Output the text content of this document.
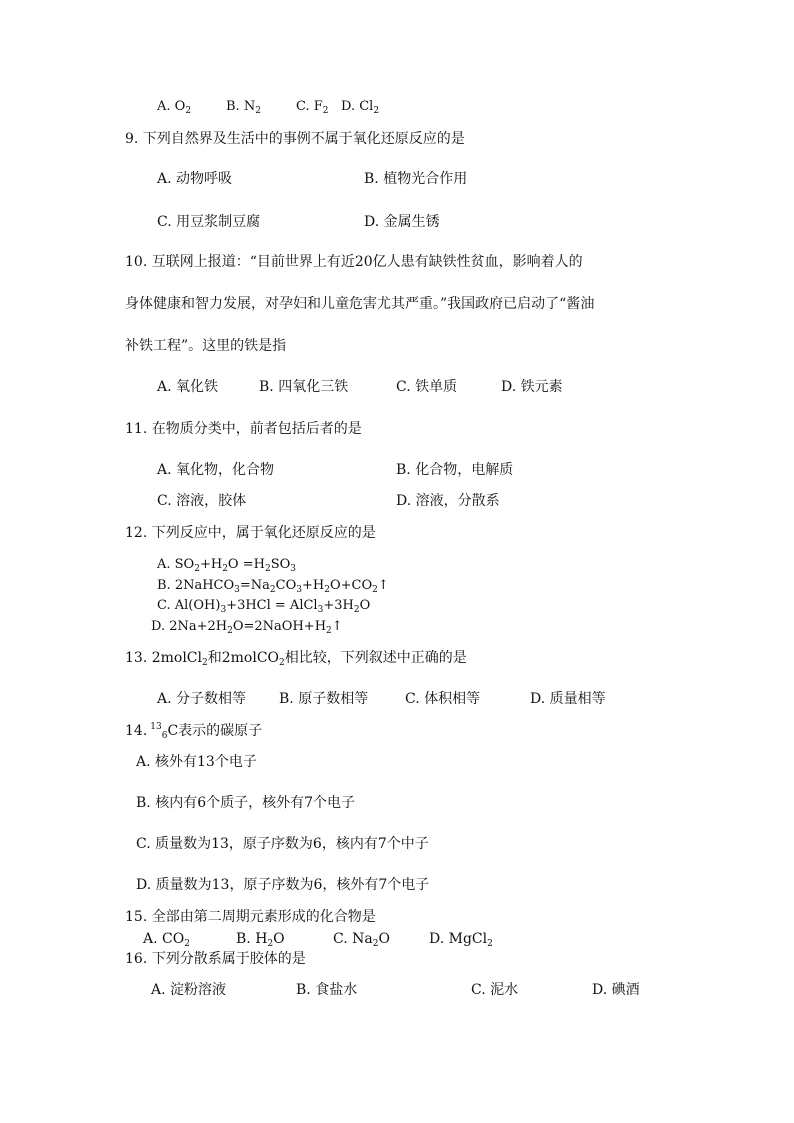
A. $O_2$	B. $N_2$	C. $F_2$ D. $Cl_2$
9. 下列自然界及生活中的事例不属于氧化还原反应的是
A. 动物呼吸	B. 植物光合作用
C. 用豆浆制豆腐	D. 金属生锈
10. 互联网上报道：“目前世界上有近20亿人患有缺铁性贫血，影响着人的
身体健康和智力发展，对孕妇和儿童危害尤其严重。”我国政府已启动了“酱油
补铁工程”。这里的铁是指
A. 氧化铁	B. 四氧化三铁	C. 铁单质	D. 铁元素
11. 在物质分类中，前者包括后者的是
A. 氧化物，化合物	B. 化合物，电解质
C. 溶液，胶体	D. 溶液，分散系
12. 下列反应中，属于氧化还原反应的是
A. $SO_2+H_2O =H_2SO_3$
B. $2NaHCO_3=Na_2CO_3+H_2O+CO_2↑$
C. $Al(OH)_3+3HCl$ = $AlCl_3+3H_2O$
D. $2Na+2H_2O=2NaOH+H_2↑$
13. 2molCl$_2$和2molCO$_2$相比较，下列叙述中正确的是
A. 分子数相等 B. 原子数相等	C. 体积相等	D. 质量相等
14. $^{13}_6$C表示的碳原子
A. 核外有13个电子
B. 核内有6个质子，核外有7个电子
C. 质量数为13，原子序数为6，核内有7个中子
D. 质量数为13，原子序数为6，核外有7个电子
15. 全部由第二周期元素形成的化合物是
A. $CO_2$	B. $H_2O$	C. $Na_2O$	D. MgCl$_2$
16. 下列分散系属于胶体的是
A. 淀粉溶液	B. 食盐水	C. 泥水	D. 碘酒
